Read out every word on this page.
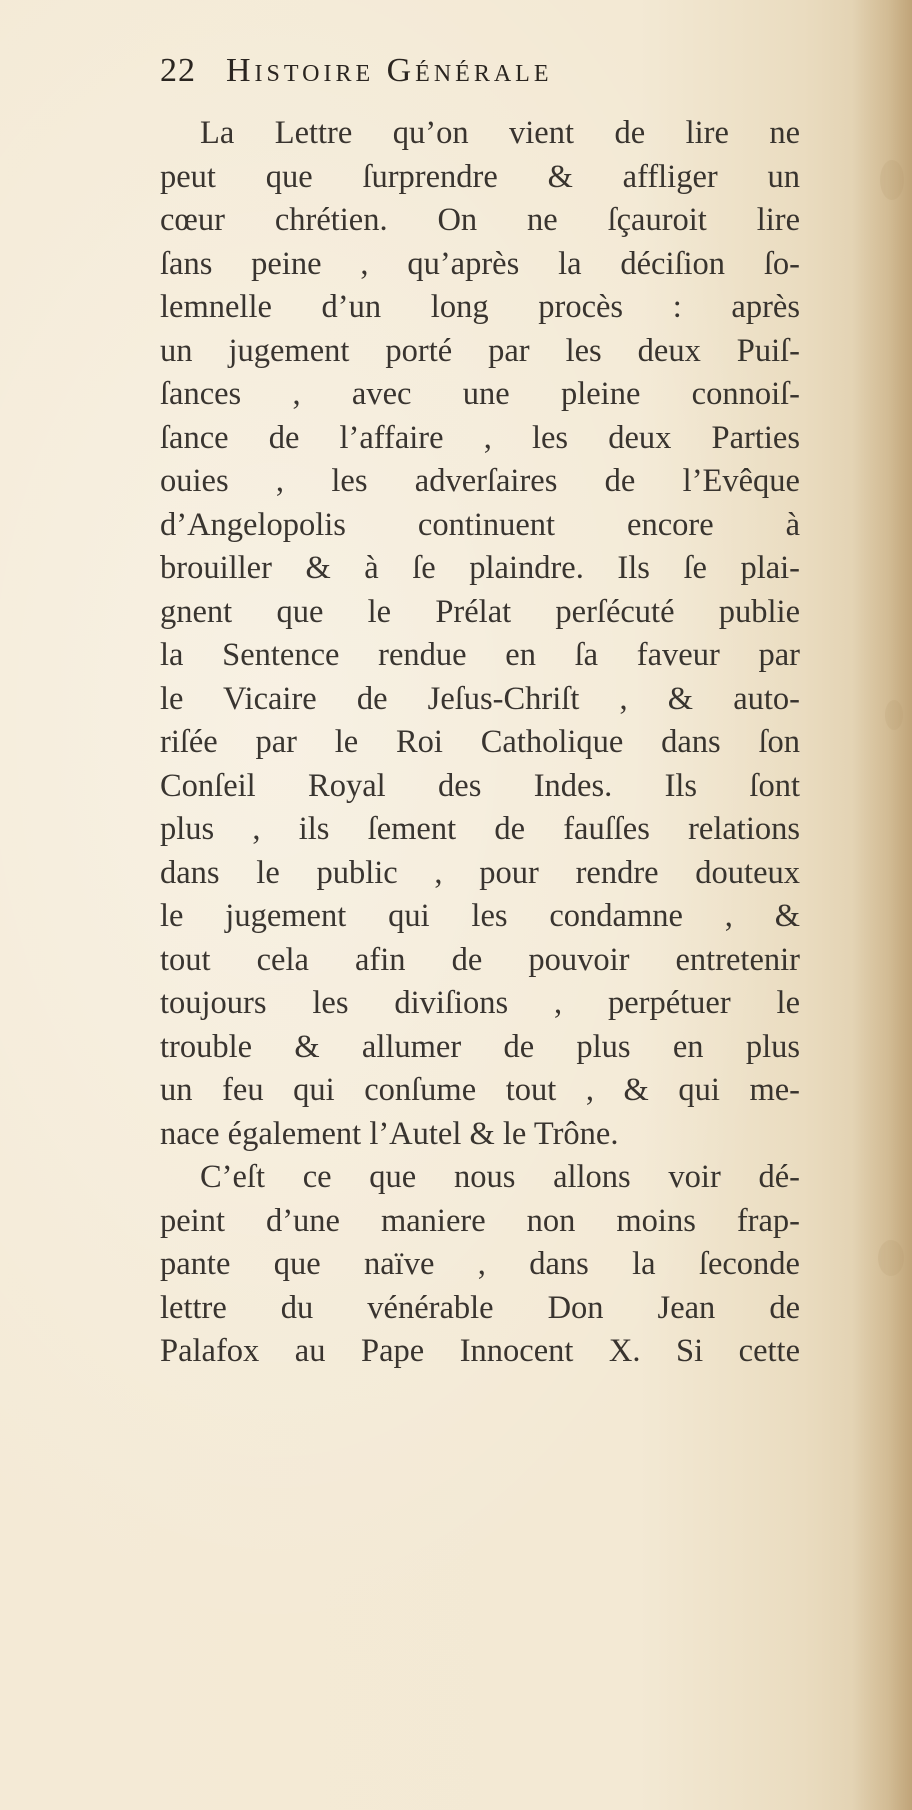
22 Histoire Générale
La Lettre qu’on vient de lire ne
peut que ſurprendre & affliger un
cœur chrétien. On ne ſçauroit lire
ſans peine , qu’après la déciſion ſo-
lemnelle d’un long procès : après
un jugement porté par les deux Puiſ-
ſances , avec une pleine connoiſ-
ſance de l’affaire , les deux Parties
ouies , les adverſaires de l’Evêque
d’Angelopolis continuent encore à
brouiller & à ſe plaindre. Ils ſe plai-
gnent que le Prélat perſécuté publie
la Sentence rendue en ſa faveur par
le Vicaire de Jeſus-Chriſt , & auto-
riſée par le Roi Catholique dans ſon
Conſeil Royal des Indes. Ils ſont
plus , ils ſement de fauſſes relations
dans le public , pour rendre douteux
le jugement qui les condamne , &
tout cela afin de pouvoir entretenir
toujours les diviſions , perpétuer le
trouble & allumer de plus en plus
un feu qui conſume tout , & qui me-
nace également l’Autel & le Trône.
C’eſt ce que nous allons voir dé-
peint d’une maniere non moins frap-
pante que naïve , dans la ſeconde
lettre du vénérable Don Jean de
Palafox au Pape Innocent X. Si cette
